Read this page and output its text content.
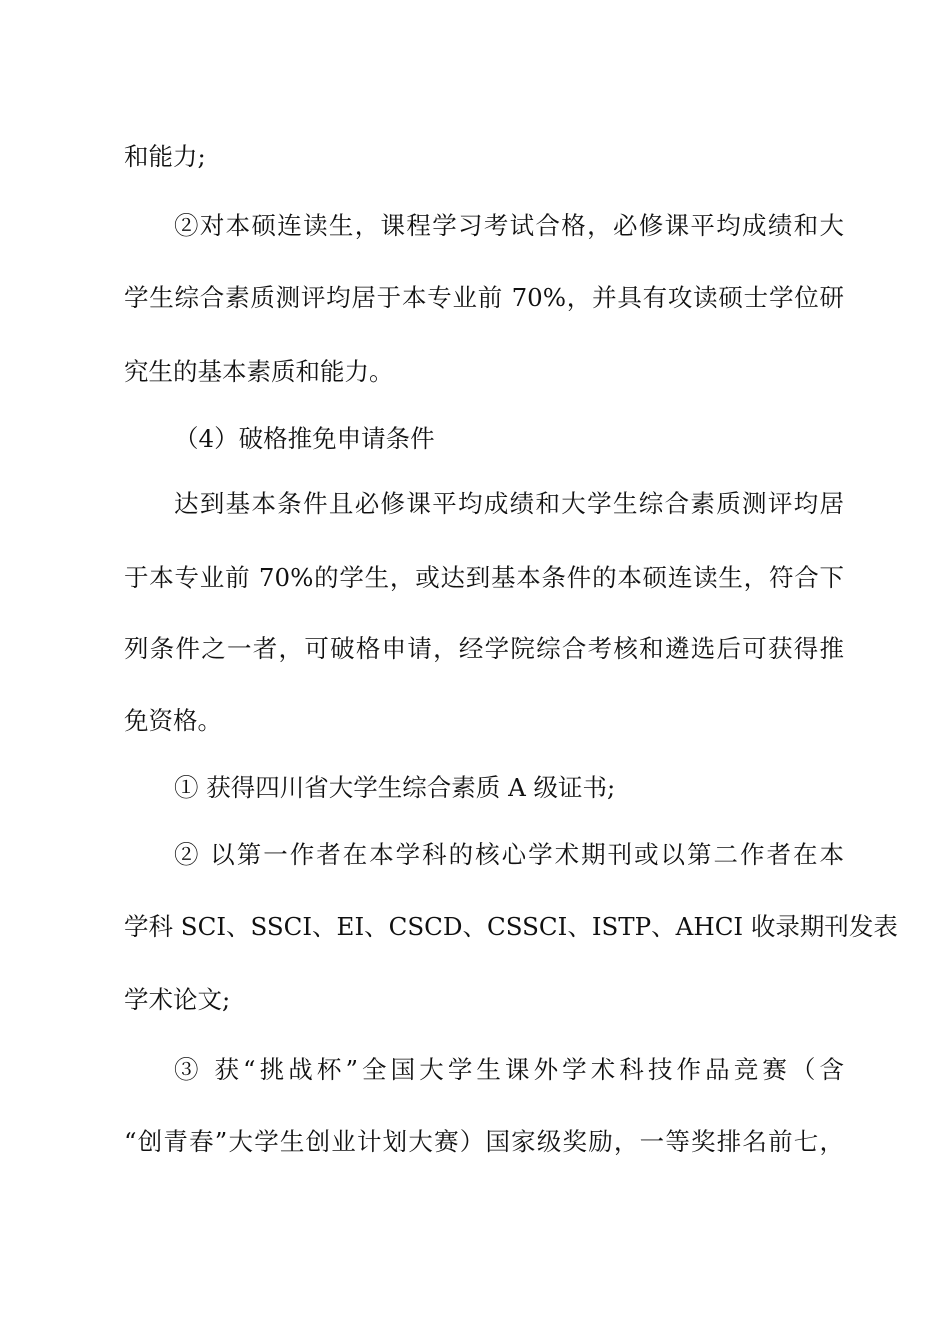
和能力;
②对本硕连读生，课程学习考试合格，必修课平均成绩和大
学生综合素质测评均居于本专业前 70%，并具有攻读硕士学位研
究生的基本素质和能力。
（4）破格推免申请条件
达到基本条件且必修课平均成绩和大学生综合素质测评均居
于本专业前 70%的学生，或达到基本条件的本硕连读生，符合下
列条件之一者，可破格申请，经学院综合考核和遴选后可获得推
免资格。
① 获得四川省大学生综合素质 A 级证书;
② 以第一作者在本学科的核心学术期刊或以第二作者在本
学科 SCI、SSCI、EI、CSCD、CSSCI、ISTP、AHCI 收录期刊发表
学术论文;
③ 获“挑战杯”全国大学生课外学术科技作品竞赛（含
“创青春”大学生创业计划大赛）国家级奖励，一等奖排名前七，
